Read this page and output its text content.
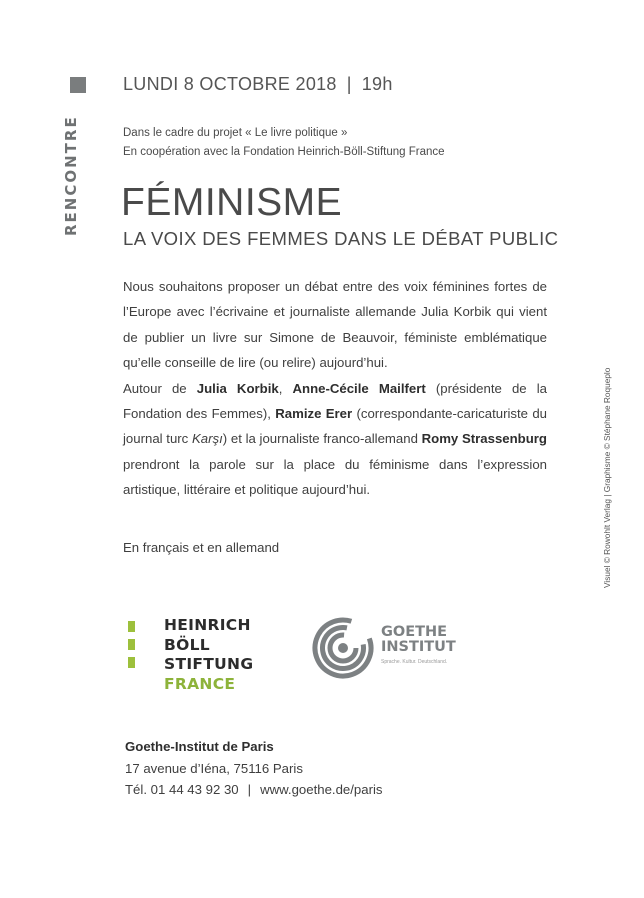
RENCONTRE
LUNDI 8 OCTOBRE 2018 | 19h
Dans le cadre du projet « Le livre politique »
En coopération avec la Fondation Heinrich-Böll-Stiftung France
FÉMINISME
LA VOIX DES FEMMES DANS LE DÉBAT PUBLIC

Nous souhaitons proposer un débat entre des voix féminines fortes de l’Europe avec l’écrivaine et journaliste allemande Julia Korbik qui vient de publier un livre sur Simone de Beauvoir, féministe emblématique qu’elle conseille de lire (ou relire) aujourd’hui.

Autour de Julia Korbik, Anne-Cécile Mailfert (présidente de la Fondation des Femmes), Ramize Erer (correspondante-caricaturiste du journal turc Karşı) et la journaliste franco-allemand Romy Strassenburg prendront la parole sur la place du féminisme dans l’expression artistique, littéraire et politique aujourd’hui.

En français et en allemand	Visuel © Rowohlt Verlag | Graphisme © Stéphane Roqueplo
HEINRICH
BÖLL
STIFTUNG
FRANCE
GOETHE
INSTITUT
Sprache. Kultur. Deutschland.
Goethe-Institut de Paris
17 avenue d’Iéna, 75116 Paris
Tél. 01 44 43 92 30 | www.goethe.de/paris
